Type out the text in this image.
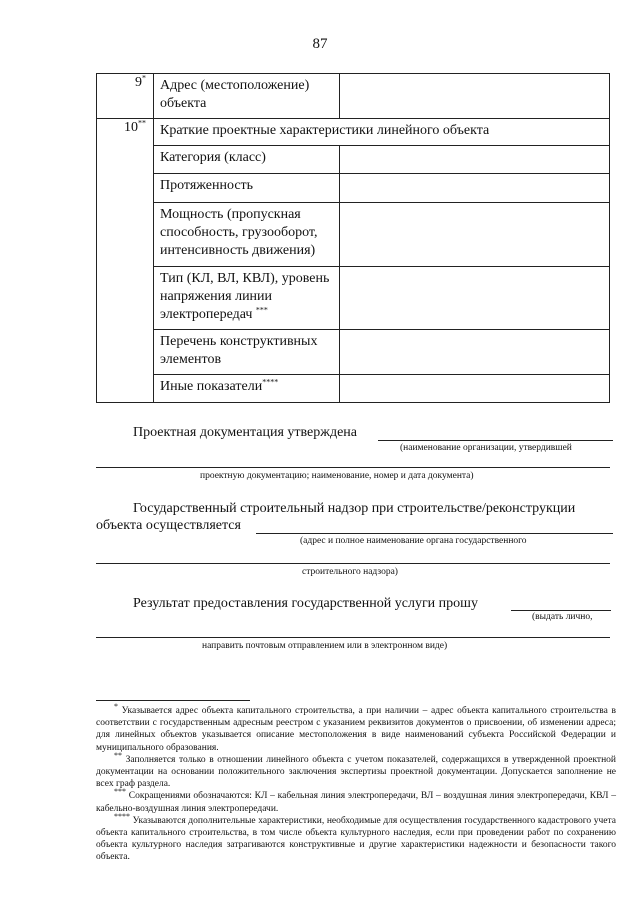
87
9*	Адрес (местоположение)
объекта	

10**	Краткие проектные характеристики линейного объекта	

	Категория (класс)	

	Протяженность	

	Мощность (пропускная
способность, грузооборот,
интенсивность движения)	

	Тип (КЛ, ВЛ, КВЛ), уровень
напряжения линии
электропередач ***

	Перечень конструктивных
элементов	

	Иные показатели****

Проектная документация утверждена
(наименование организации, утвердившей
проектную документацию; наименование, номер и дата документа)
Государственный строительный надзор при строительстве/реконструкции
объекта осуществляется
(адрес и полное наименование органа государственного
строительного надзора)
Результат предоставления государственной услуги прошу
(выдать лично,
направить почтовым отправлением или в электронном виде)

* Указывается адрес объекта капитального строительства, а при наличии – адрес объекта капитального строительства в соответствии с государственным адресным реестром с указанием реквизитов документов о присвоении, об изменении адреса; для линейных объектов указывается описание местоположения в виде наименований субъекта Российской Федерации и муниципального образования.

** Заполняется только в отношении линейного объекта с учетом показателей, содержащихся в утвержденной проектной документации на основании положительного заключения экспертизы проектной документации. Допускается заполнение не всех граф раздела.

*** Сокращениями обозначаются: КЛ – кабельная линия электропередачи, ВЛ – воздушная линия электропередачи, КВЛ – кабельно-воздушная линия электропередачи.

**** Указываются дополнительные характеристики, необходимые для осуществления государственного кадастрового учета объекта капитального строительства, в том числе объекта культурного наследия, если при проведении работ по сохранению объекта культурного наследия затрагиваются конструктивные и другие характеристики надежности и безопасности такого объекта.
